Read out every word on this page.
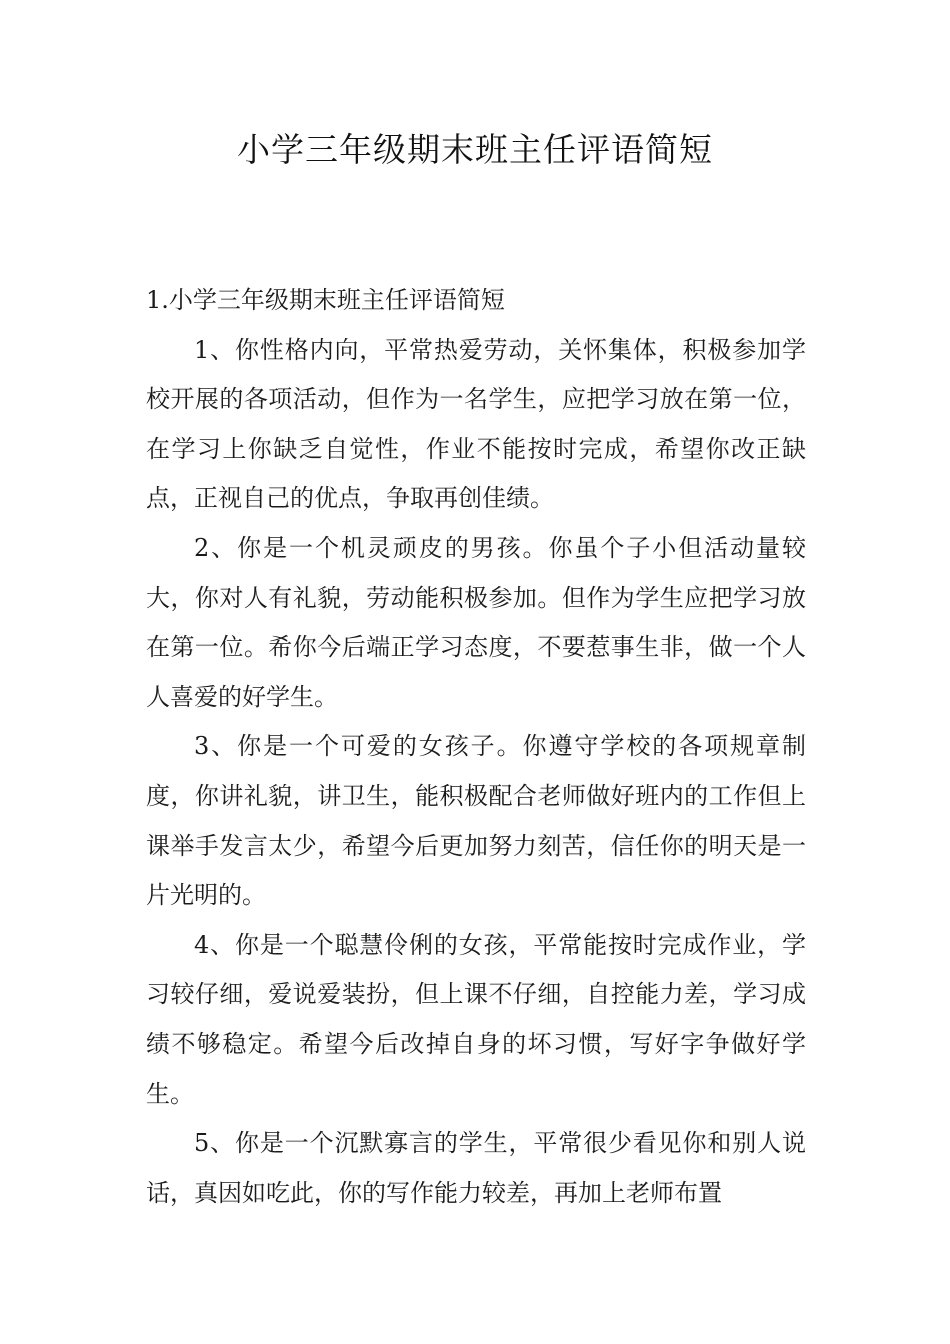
小学三年级期末班主任评语简短

1.小学三年级期末班主任评语简短

1、你性格内向，平常热爱劳动，关怀集体，积极参加学校开展的各项活动，但作为一名学生，应把学习放在第一位，在学习上你缺乏自觉性，作业不能按时完成，希望你改正缺点，正视自己的优点，争取再创佳绩。

2、你是一个机灵顽皮的男孩。你虽个子小但活动量较大，你对人有礼貌，劳动能积极参加。但作为学生应把学习放在第一位。希你今后端正学习态度，不要惹事生非，做一个人人喜爱的好学生。

3、你是一个可爱的女孩子。你遵守学校的各项规章制度，你讲礼貌，讲卫生，能积极配合老师做好班内的工作但上课举手发言太少，希望今后更加努力刻苦，信任你的明天是一片光明的。

4、你是一个聪慧伶俐的女孩，平常能按时完成作业，学习较仔细，爱说爱装扮，但上课不仔细，自控能力差，学习成绩不够稳定。希望今后改掉自身的坏习惯，写好字争做好学生。

5、你是一个沉默寡言的学生，平常很少看见你和别人说话，真因如吃此，你的写作能力较差，再加上老师布置
